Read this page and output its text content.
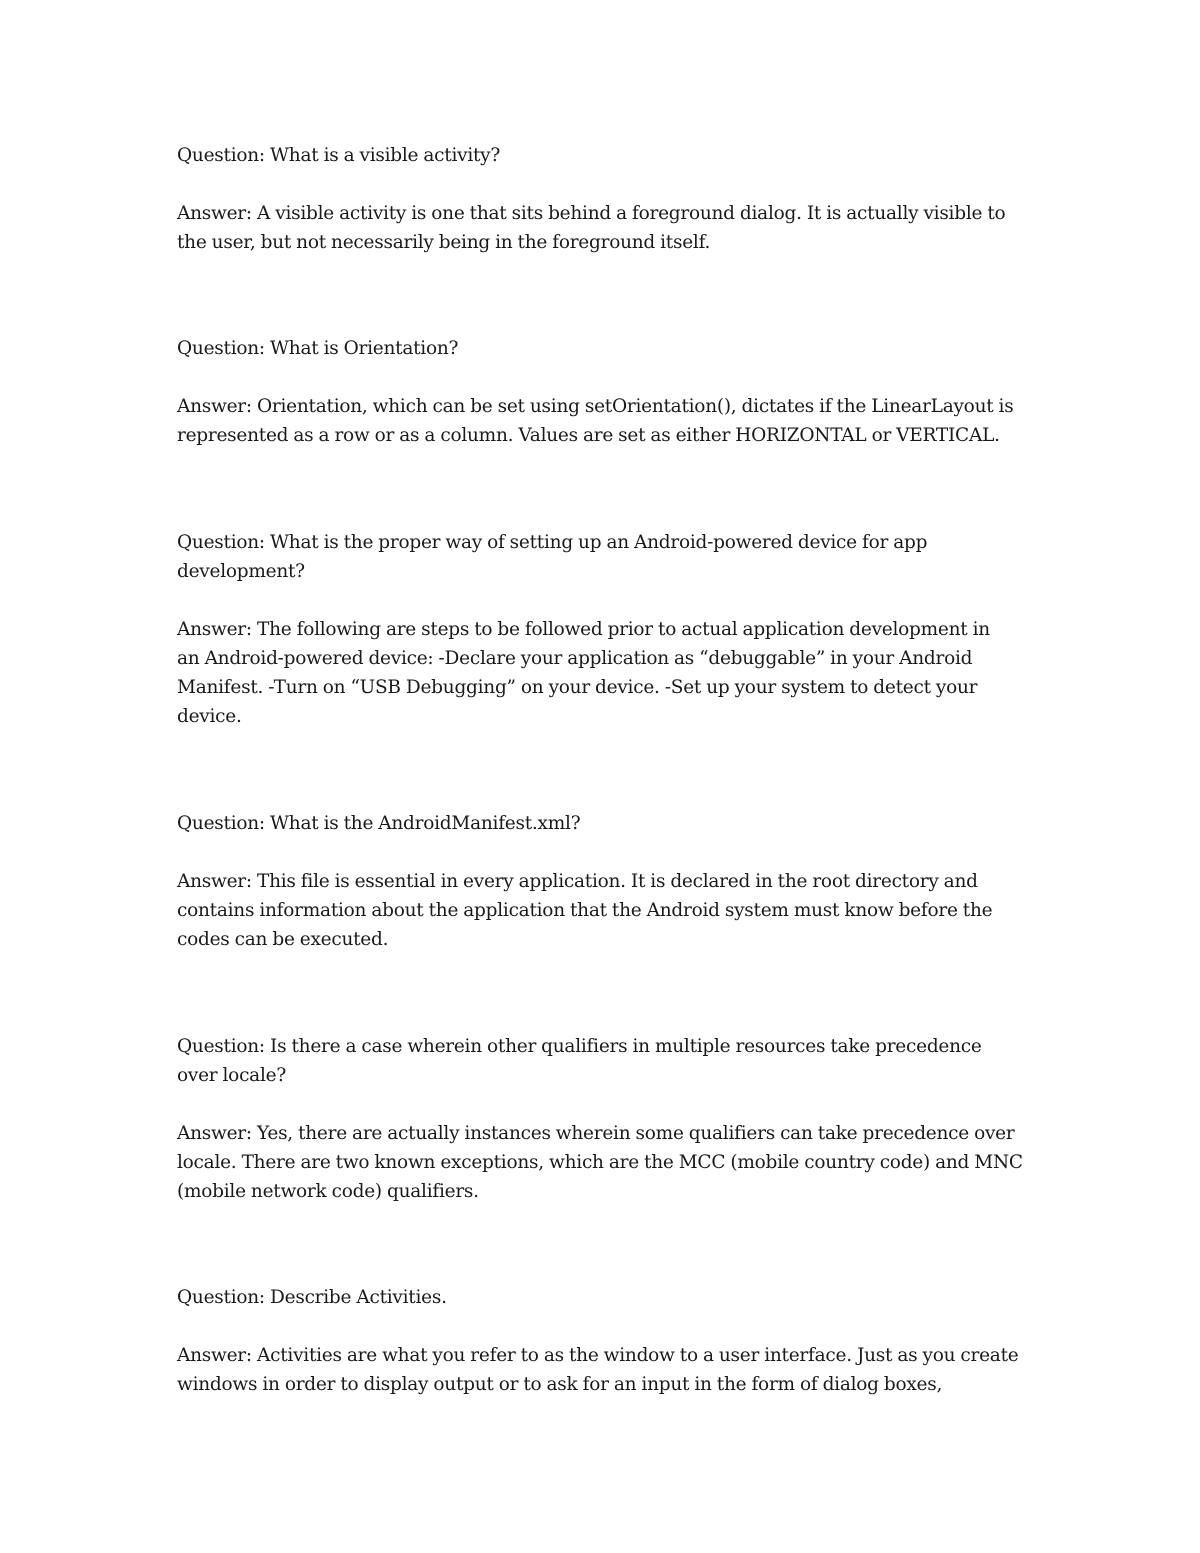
Question: What is a visible activity?
Answer: A visible activity is one that sits behind a foreground dialog. It is actually visible to
the user, but not necessarily being in the foreground itself.
Question: What is Orientation?
Answer: Orientation, which can be set using setOrientation(), dictates if the LinearLayout is
represented as a row or as a column. Values are set as either HORIZONTAL or VERTICAL.
Question: What is the proper way of setting up an Android-powered device for app
development?
Answer: The following are steps to be followed prior to actual application development in
an Android-powered device: -Declare your application as “debuggable” in your Android
Manifest. -Turn on “USB Debugging” on your device. -Set up your system to detect your
device.
Question: What is the AndroidManifest.xml?
Answer: This file is essential in every application. It is declared in the root directory and
contains information about the application that the Android system must know before the
codes can be executed.
Question: Is there a case wherein other qualifiers in multiple resources take precedence
over locale?
Answer: Yes, there are actually instances wherein some qualifiers can take precedence over
locale. There are two known exceptions, which are the MCC (mobile country code) and MNC
(mobile network code) qualifiers.
Question: Describe Activities.
Answer: Activities are what you refer to as the window to a user interface. Just as you create
windows in order to display output or to ask for an input in the form of dialog boxes,
